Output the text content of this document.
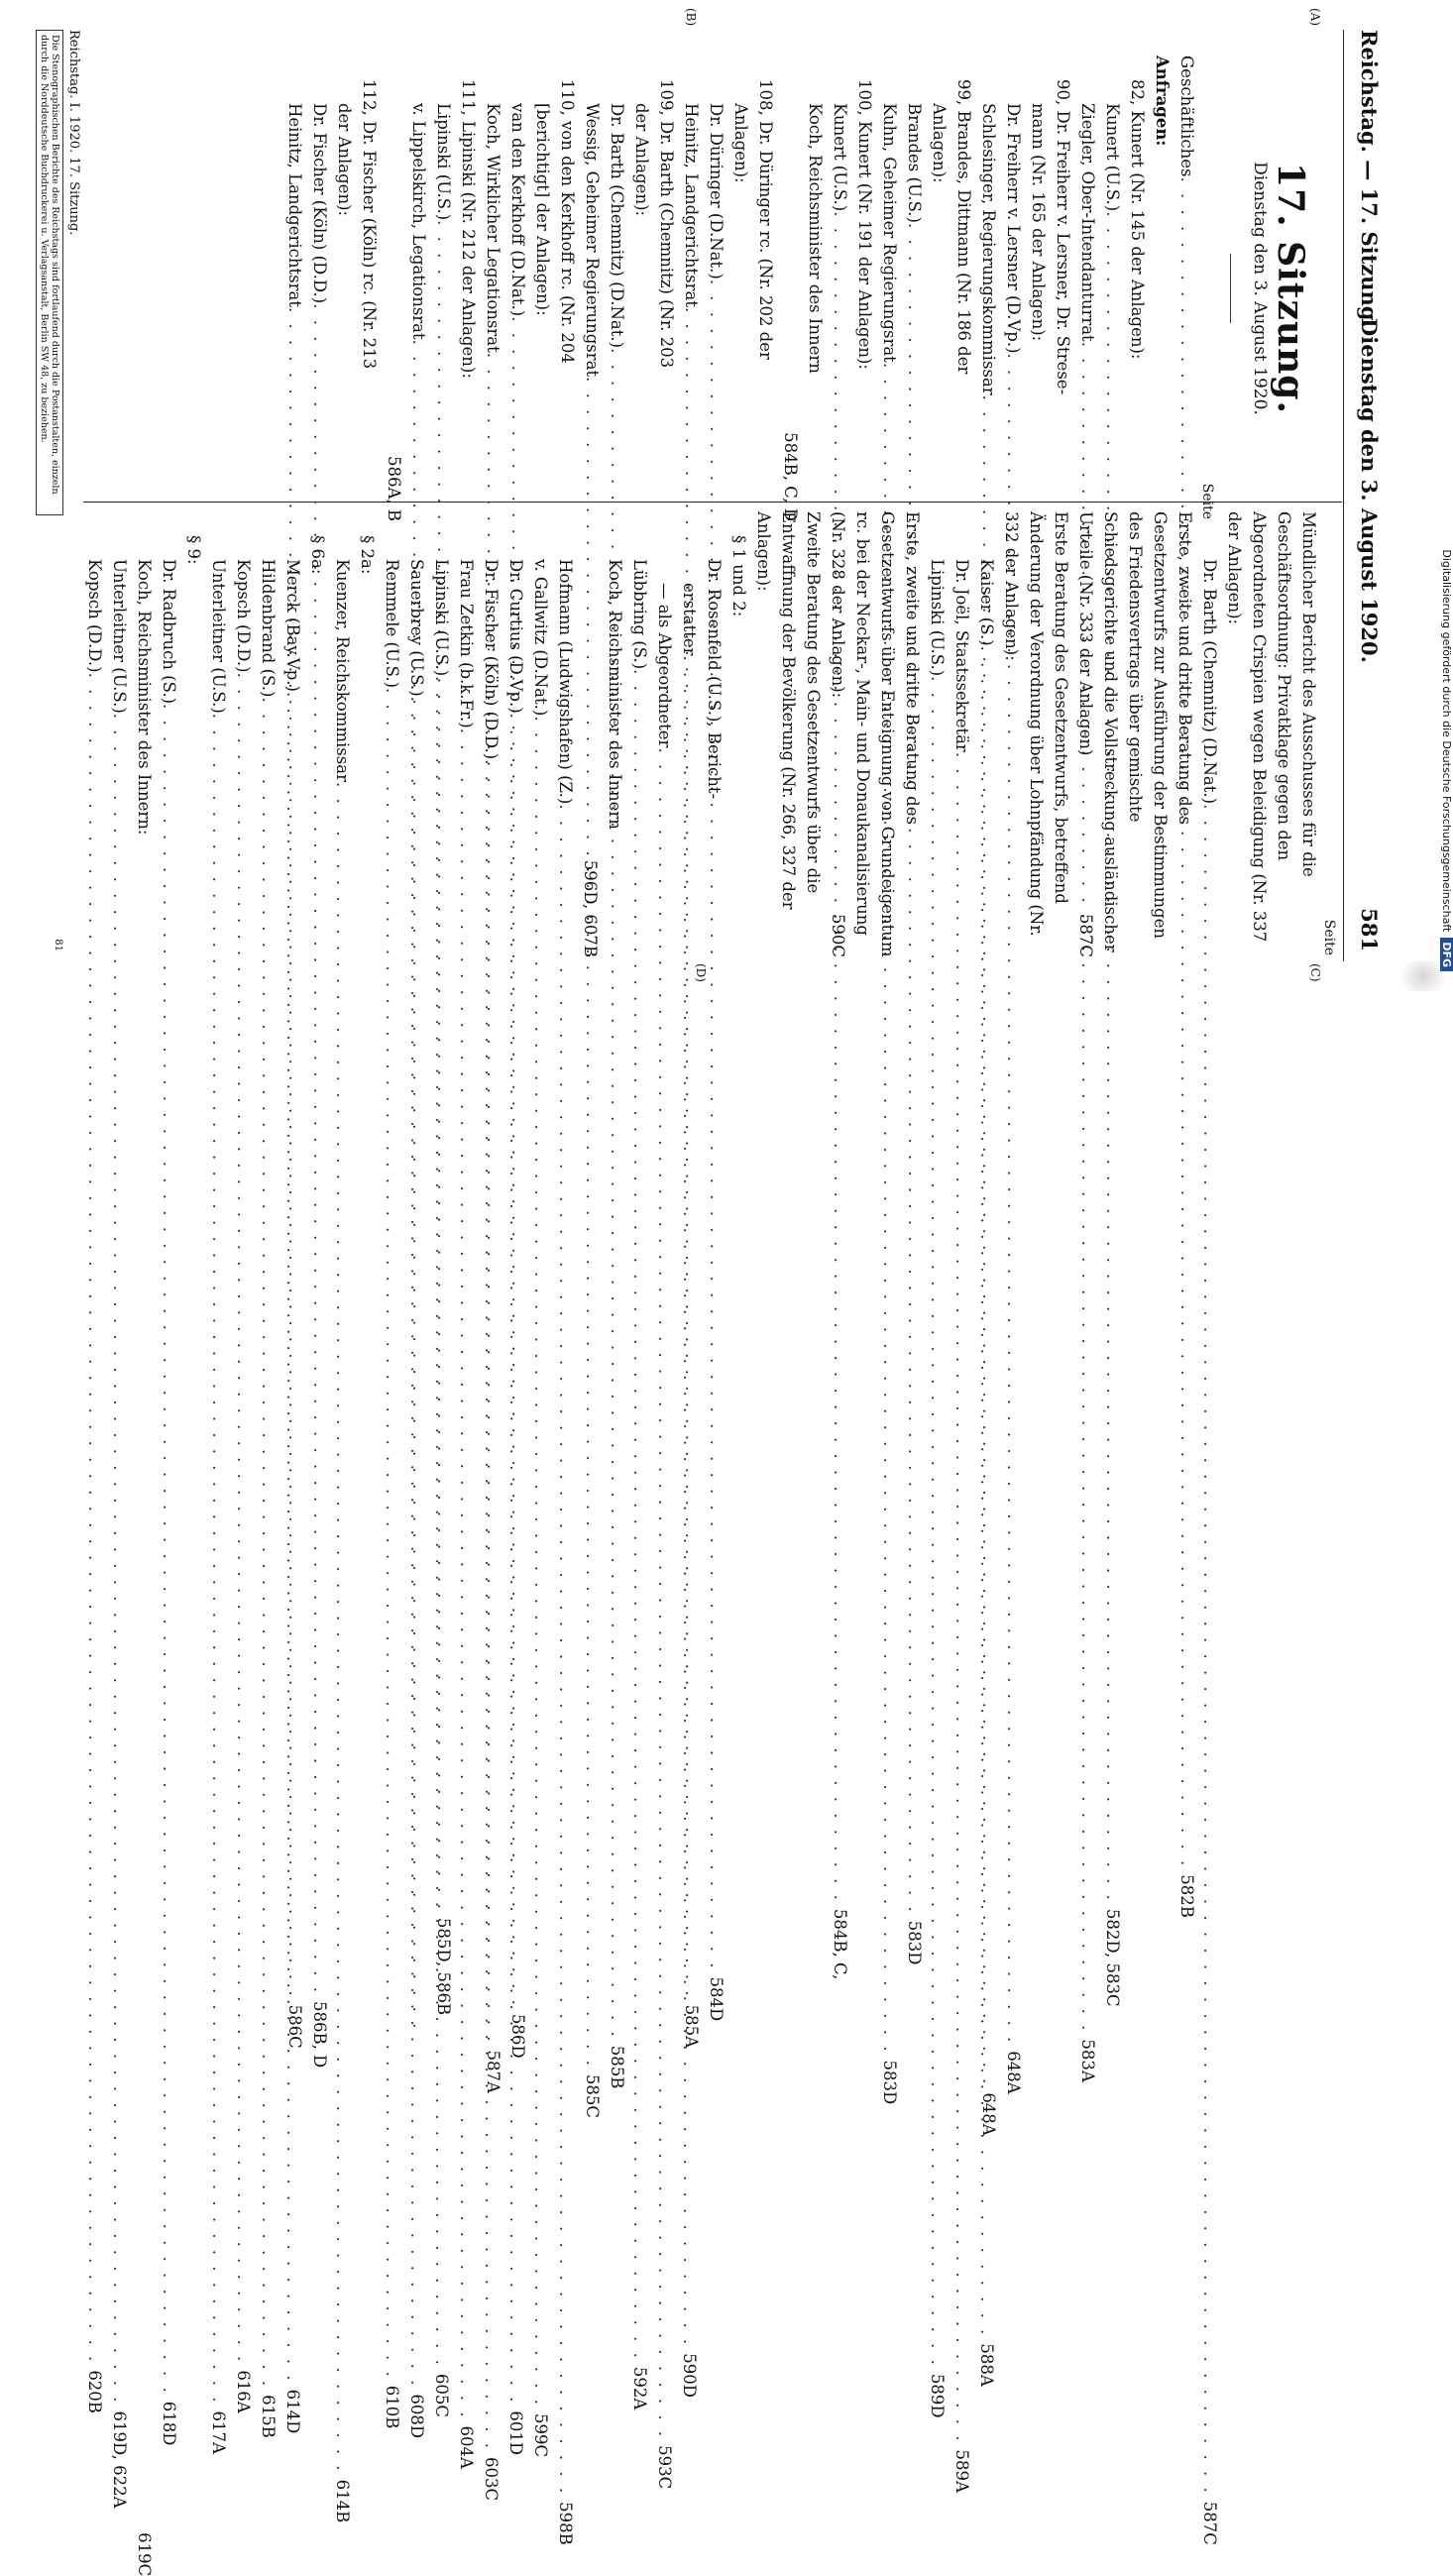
Digitalisierung gefördert durch die Deutsche ForschungsgemeinschaftDFG
Reichstag. — 17. Sitzung.
Dienstag den 3. August 1920.
581
(A)
(B)
(C)
(D)
17. Sitzung.
Dienstag den 3. August 1920.
Seite
Geschäftliches
. . .
582B
Anfragen:
82, Kunert (Nr. 145 der Anlagen):
Kunert (U.S.)
. . .
582D, 583C
Ziegler, Ober-Intendanturrat
. . .
583A
90, Dr. Freiherr v. Lersner, Dr. Strese-
mann (Nr. 165 der Anlagen):
Dr. Freiherr v. Lersner (D.Vp.)
. . .
648A
Schlesinger, Regierungskommissar
. . .
648A
99, Brandes, Dittmann (Nr. 186 der
Anlagen):
Brandes (U.S.)
. . .
583D
Kuhn, Geheimer Regierungsrat
. . .
583D
100, Kunert (Nr. 191 der Anlagen):
Kunert (U.S.)
. . .
584B, C,
Koch, Reichsminister des Innern
584B, C, D
108, Dr. Düringer rc. (Nr. 202 der
Anlagen):
Dr. Düringer (D.Nat.)
. . .
584D
Heinitz, Landgerichtsrat
. . .
585A
109, Dr. Barth (Chemnitz) (Nr. 203
der Anlagen):
Dr. Barth (Chemnitz) (D.Nat.)
. . .
585B
Wessig, Geheimer Regierungsrat
. . .
585C
110, von den Kerkhoff rc. (Nr. 204
[berichtigt] der Anlagen):
van den Kerkhoff (D.Nat.)
. . .
586D
Koch, Wirklicher Legationsrat
. . .
587A
111, Lipinski (Nr. 212 der Anlagen):
Lipinski (U.S.)
. . .
585D, 586B
v. Lippelskirch, Legationsrat
. . .
586A, B
112, Dr. Fischer (Köln) rc. (Nr. 213
der Anlagen):
Dr. Fischer (Köln) (D.D.)
. . .
586B, D
Heinitz, Landgerichtsrat
. . .
586C
Seite
Mündlicher Bericht des Ausschusses für die Geschäftsordnung: Privatklage gegen den Abgeordneten Crispien wegen Beleidigung (Nr. 337 der Anlagen):
Dr. Barth (Chemnitz) (D.Nat.)
. . .
587C
Erste, zweite und dritte Beratung des Gesetzentwurfs zur Ausführung der Bestimmungen des Friedensvertrags über gemischte Schiedsgerichte und die Vollstreckung ausländischer Urteile (Nr. 333 der Anlagen)
587C
Erste Beratung des Gesetzentwurfs, betreffend Änderung der Verordnung über Lohnpfändung (Nr. 332 der Anlagen):
Kaiser (S.)
. . .
588A
Dr. Joël, Staatssekretär
. . .
589A
Lipinski (U.S.)
. . .
589D
Erste, zweite und dritte Beratung des Gesetzentwurfs über Enteignung von Grundeigentum rc. bei der Neckar-, Main- und Donaukanalisierung (Nr. 328 der Anlagen):
590C
Zweite Beratung des Gesetzentwurfs über die Entwaffnung der Bevölkerung (Nr. 266, 327 der Anlagen):
§ 1 und 2:
Dr. Rosenfeld (U.S.), Bericht-
erstatter
. . .
590D
— als Abgeordneter
. . .
593C
Lübbring (S.)
. . .
592A
Koch, Reichsminister des Innern
596D, 607B
Hofmann (Ludwigshafen) (Z.)
. . .
598B
v. Gallwitz (D.Nat.)
. . .
599C
Dr. Curtius (D.Vp.)
. . .
601D
Dr. Fischer (Köln) (D.D.)
. . .
603C
Frau Zetkin (b.k.Fr.)
. . .
604A
Lipinski (U.S.)
. . .
605C
Sauerbrey (U.S.)
. . .
608D
Remmele (U.S.)
. . .
610B
§ 2a:
Kuenzer, Reichskommissar
. . .
614B
§ 6a:
Merck (Bay.Vp.)
. . .
614D
Hildenbrand (S.)
. . .
615B
Kopsch (D.D.)
. . .
616A
Unterleitner (U.S.)
. . .
617A
§ 9:
Dr. Radbruch (S.)
. . .
618D
Koch, Reichsminister des Innern:
619C
Unterleitner (U.S.)
. . .
619D, 622A
Kopsch (D.D.)
. . .
620B
Reichstag. I. 1920. 17. Sitzung.
Die Stenographischen Berichte des Reichstags sind fortlaufend durch die Postanstalten, einzeln durch die Norddeutsche Buchdruckerei u. Verlagsanstalt, Berlin SW 48, zu beziehen.
81
